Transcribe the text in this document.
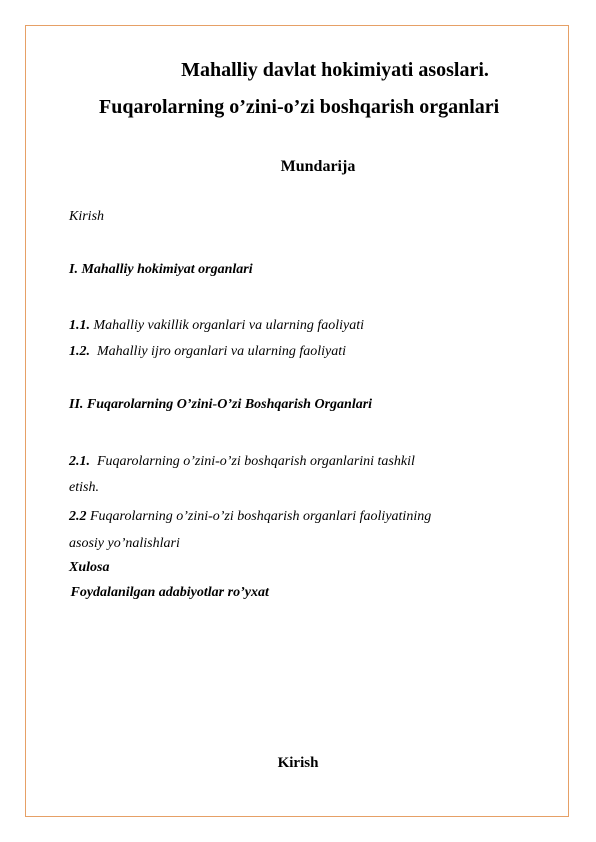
Mahalliy davlat hokimiyati asoslari.
Fuqarolarning o’zini-o’zi boshqarish organlari
Mundarija
Kirish
I. Mahalliy hokimiyat organlari
1.1. Mahalliy vakillik organlari va ularning faoliyati
1.2.  Mahalliy ijro organlari va ularning faoliyati
II. Fuqarolarning O’zini-O’zi Boshqarish Organlari
2.1.  Fuqarolarning o’zini-o’zi boshqarish organlarini tashkil
etish.
2.2 Fuqarolarning o’zini-o’zi boshqarish organlari faoliyatining
asosiy yo’nalishlari
Xulosa
Foydalanilgan adabiyotlar ro’yxat
Kirish
